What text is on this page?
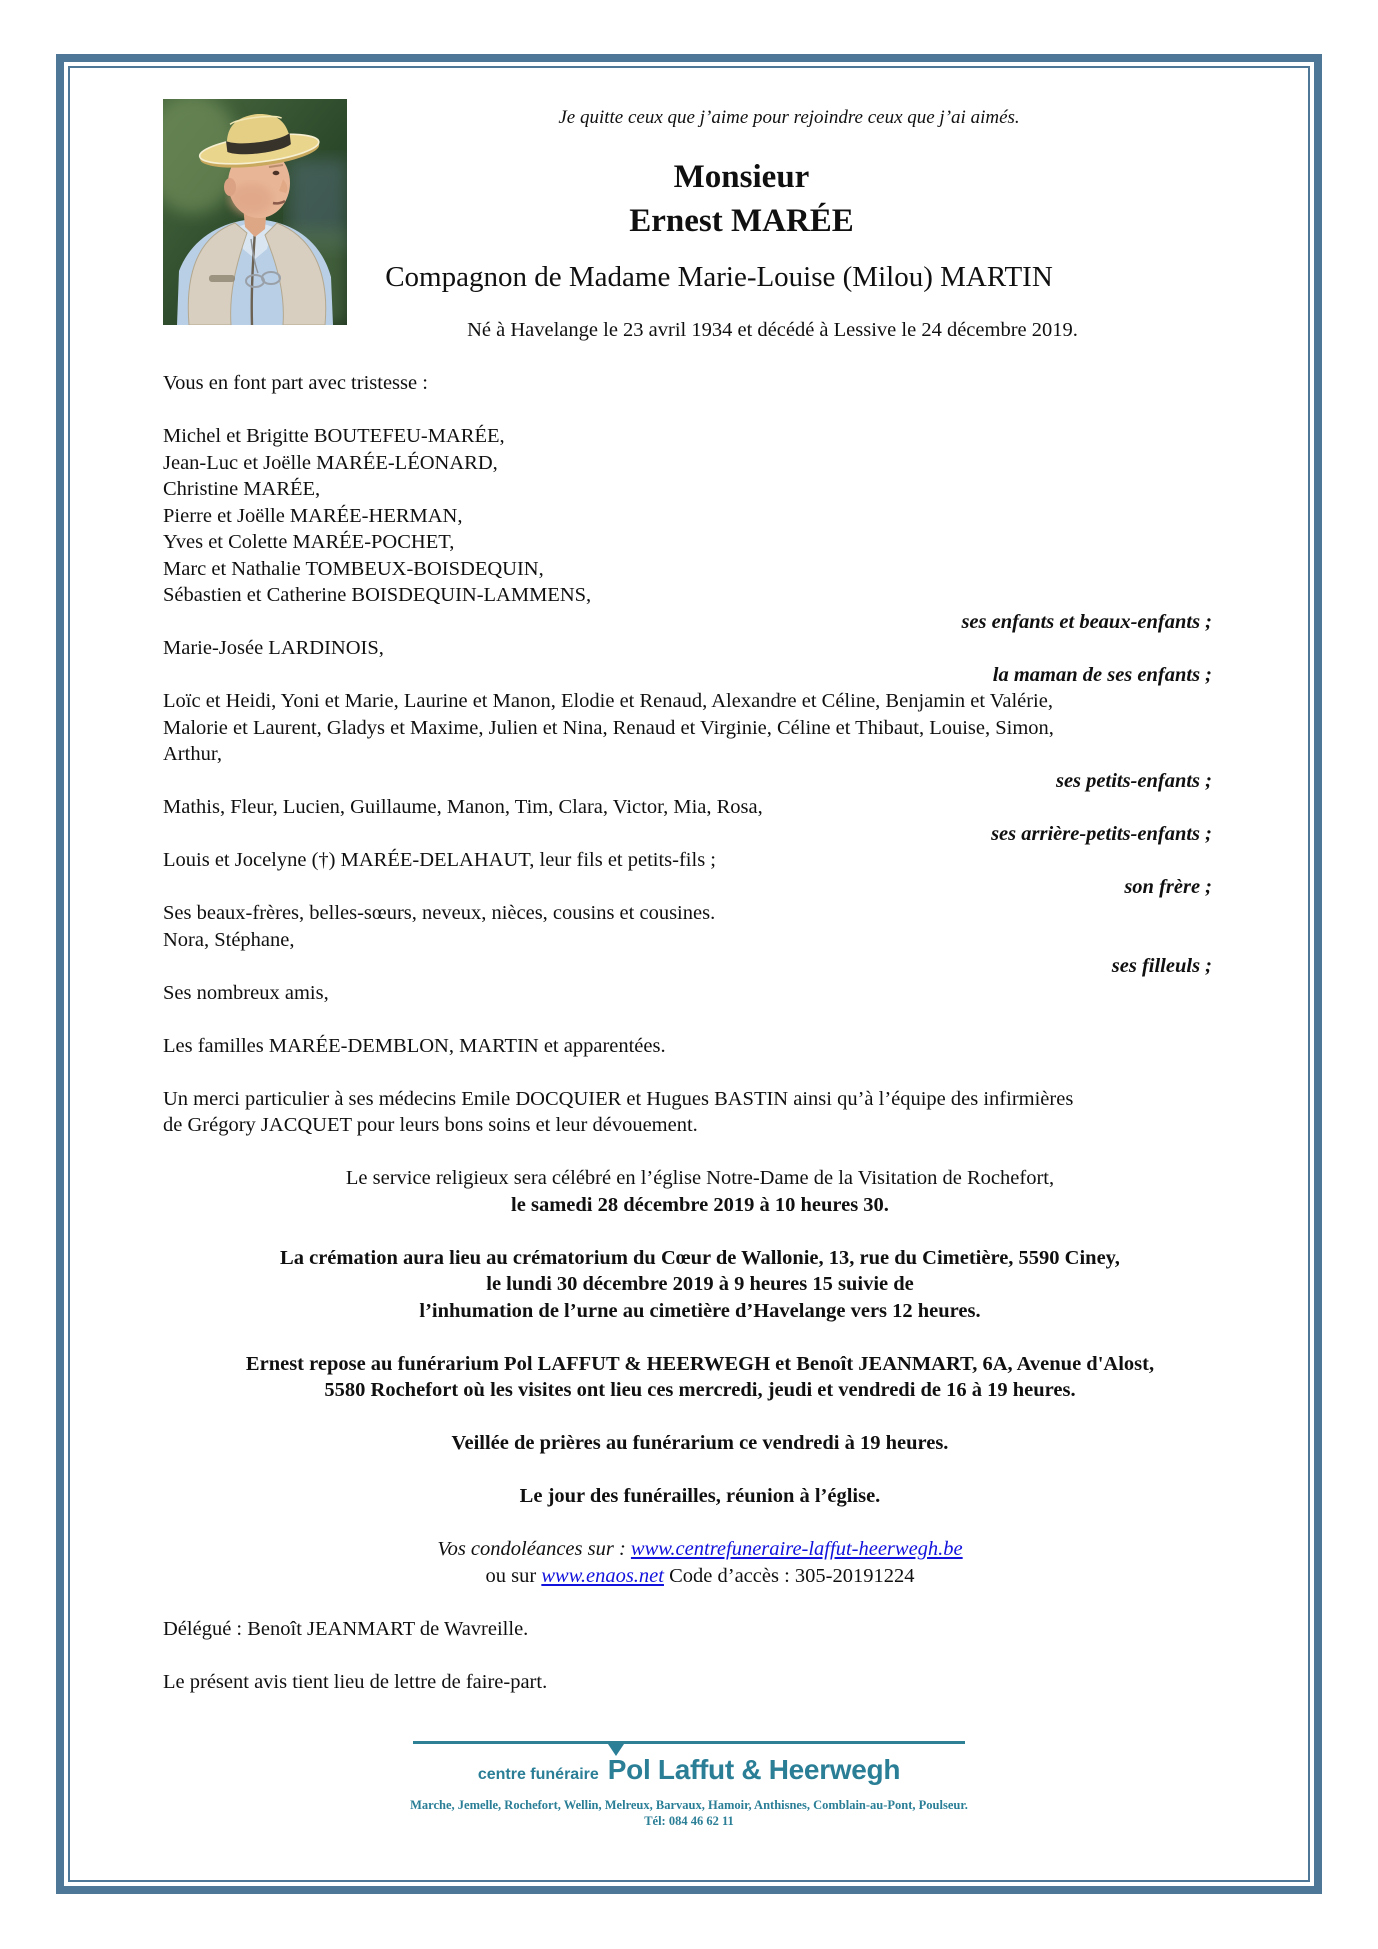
Je quitte ceux que j’aime pour rejoindre ceux que j’ai aimés.
Monsieur
Ernest MARÉE
Compagnon de Madame Marie-Louise (Milou) MARTIN
Né à Havelange le 23 avril 1934 et décédé à Lessive le 24 décembre 2019.

Vous en font part avec tristesse :

Michel et Brigitte BOUTEFEU-MARÉE,
Jean-Luc et Joëlle MARÉE-LÉONARD,
Christine MARÉE,
Pierre et Joëlle MARÉE-HERMAN,
Yves et Colette MARÉE-POCHET,
Marc et Nathalie TOMBEUX-BOISDEQUIN,
Sébastien et Catherine BOISDEQUIN-LAMMENS,
ses enfants et beaux-enfants ;
Marie-Josée LARDINOIS,
la maman de ses enfants ;
Loïc et Heidi, Yoni et Marie, Laurine et Manon, Elodie et Renaud, Alexandre et Céline, Benjamin et Valérie,
Malorie et Laurent, Gladys et Maxime, Julien et Nina, Renaud et Virginie, Céline et Thibaut, Louise, Simon,
Arthur,
ses petits-enfants ;
Mathis, Fleur, Lucien, Guillaume, Manon, Tim, Clara, Victor, Mia, Rosa,
ses arrière-petits-enfants ;
Louis et Jocelyne (†) MARÉE-DELAHAUT, leur fils et petits-fils ;
son frère ;
Ses beaux-frères, belles-sœurs, neveux, nièces, cousins et cousines.
Nora, Stéphane,
ses filleuls ;
Ses nombreux amis,

Les familles MARÉE-DEMBLON, MARTIN et apparentées.

Un merci particulier à ses médecins Emile DOCQUIER et Hugues BASTIN ainsi qu’à l’équipe des infirmières
de Grégory JACQUET pour leurs bons soins et leur dévouement.

Le service religieux sera célébré en l’église Notre-Dame de la Visitation de Rochefort,
le samedi 28 décembre 2019 à 10 heures 30.

La crémation aura lieu au crématorium du Cœur de Wallonie, 13, rue du Cimetière, 5590 Ciney,
le lundi 30 décembre 2019 à 9 heures 15 suivie de
l’inhumation de l’urne au cimetière d’Havelange vers 12 heures.

Ernest repose au funérarium Pol LAFFUT & HEERWEGH et Benoît JEANMART, 6A, Avenue d'Alost,
5580 Rochefort où les visites ont lieu ces mercredi, jeudi et vendredi de 16 à 19 heures.

Veillée de prières au funérarium ce vendredi à 19 heures.

Le jour des funérailles, réunion à l’église.

Vos condoléances sur : www.centrefuneraire-laffut-heerwegh.be
ou sur www.enaos.net Code d’accès : 305-20191224

Délégué : Benoît JEANMART de Wavreille.

Le présent avis tient lieu de lettre de faire-part.
centre funéraire Pol Laffut & Heerwegh
Marche, Jemelle, Rochefort, Wellin, Melreux, Barvaux, Hamoir, Anthisnes, Comblain-au-Pont, Poulseur.
Tél: 084 46 62 11
